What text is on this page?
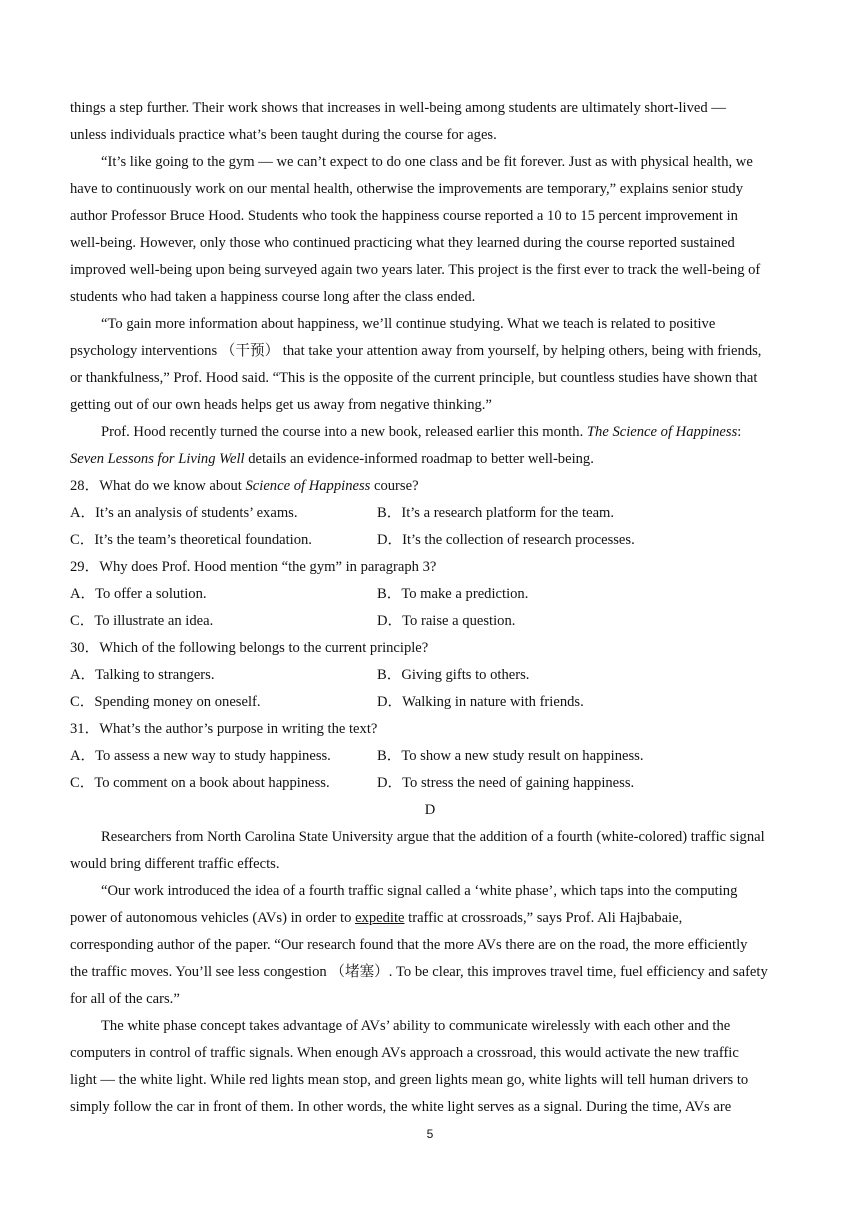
things a step further. Their work shows that increases in well-being among students are ultimately short-lived —
unless individuals practice what’s been taught during the course for ages.
“It’s like going to the gym — we can’t expect to do one class and be fit forever. Just as with physical health, we
have to continuously work on our mental health, otherwise the improvements are temporary,” explains senior study
author Professor Bruce Hood. Students who took the happiness course reported a 10 to 15 percent improvement in
well-being. However, only those who continued practicing what they learned during the course reported sustained
improved well-being upon being surveyed again two years later. This project is the first ever to track the well-being of
students who had taken a happiness course long after the class ended.
“To gain more information about happiness, we’ll continue studying. What we teach is related to positive
psychology interventions （干预） that take your attention away from yourself, by helping others, being with friends,
or thankfulness,” Prof. Hood said. “This is the opposite of the current principle, but countless studies have shown that
getting out of our own heads helps get us away from negative thinking.”
Prof. Hood recently turned the course into a new book, released earlier this month. The Science of Happiness:
Seven Lessons for Living Well details an evidence-informed roadmap to better well-being.
28．What do we know about Science of Happiness course?
A．It’s an analysis of students’ exams.	B．It’s a research platform for the team.
C．It’s the team’s theoretical foundation.	D．It’s the collection of research processes.
29．Why does Prof. Hood mention “the gym” in paragraph 3?
A．To offer a solution.	B．To make a prediction.
C．To illustrate an idea.	D．To raise a question.
30．Which of the following belongs to the current principle?
A．Talking to strangers.	B．Giving gifts to others.
C．Spending money on oneself.	D．Walking in nature with friends.
31．What’s the author’s purpose in writing the text?
A．To assess a new way to study happiness.	B．To show a new study result on happiness.
C．To comment on a book about happiness.	D．To stress the need of gaining happiness.
D
Researchers from North Carolina State University argue that the addition of a fourth (white-colored) traffic signal
would bring different traffic effects.
“Our work introduced the idea of a fourth traffic signal called a ‘white phase’, which taps into the computing
power of autonomous vehicles (AVs) in order to expedite traffic at crossroads,” says Prof. Ali Hajbabaie,
corresponding author of the paper. “Our research found that the more AVs there are on the road, the more efficiently
the traffic moves. You’ll see less congestion （堵塞）. To be clear, this improves travel time, fuel efficiency and safety
for all of the cars.”
The white phase concept takes advantage of AVs’ ability to communicate wirelessly with each other and the
computers in control of traffic signals. When enough AVs approach a crossroad, this would activate the new traffic
light — the white light. While red lights mean stop, and green lights mean go, white lights will tell human drivers to
simply follow the car in front of them. In other words, the white light serves as a signal. During the time, AVs are
5
